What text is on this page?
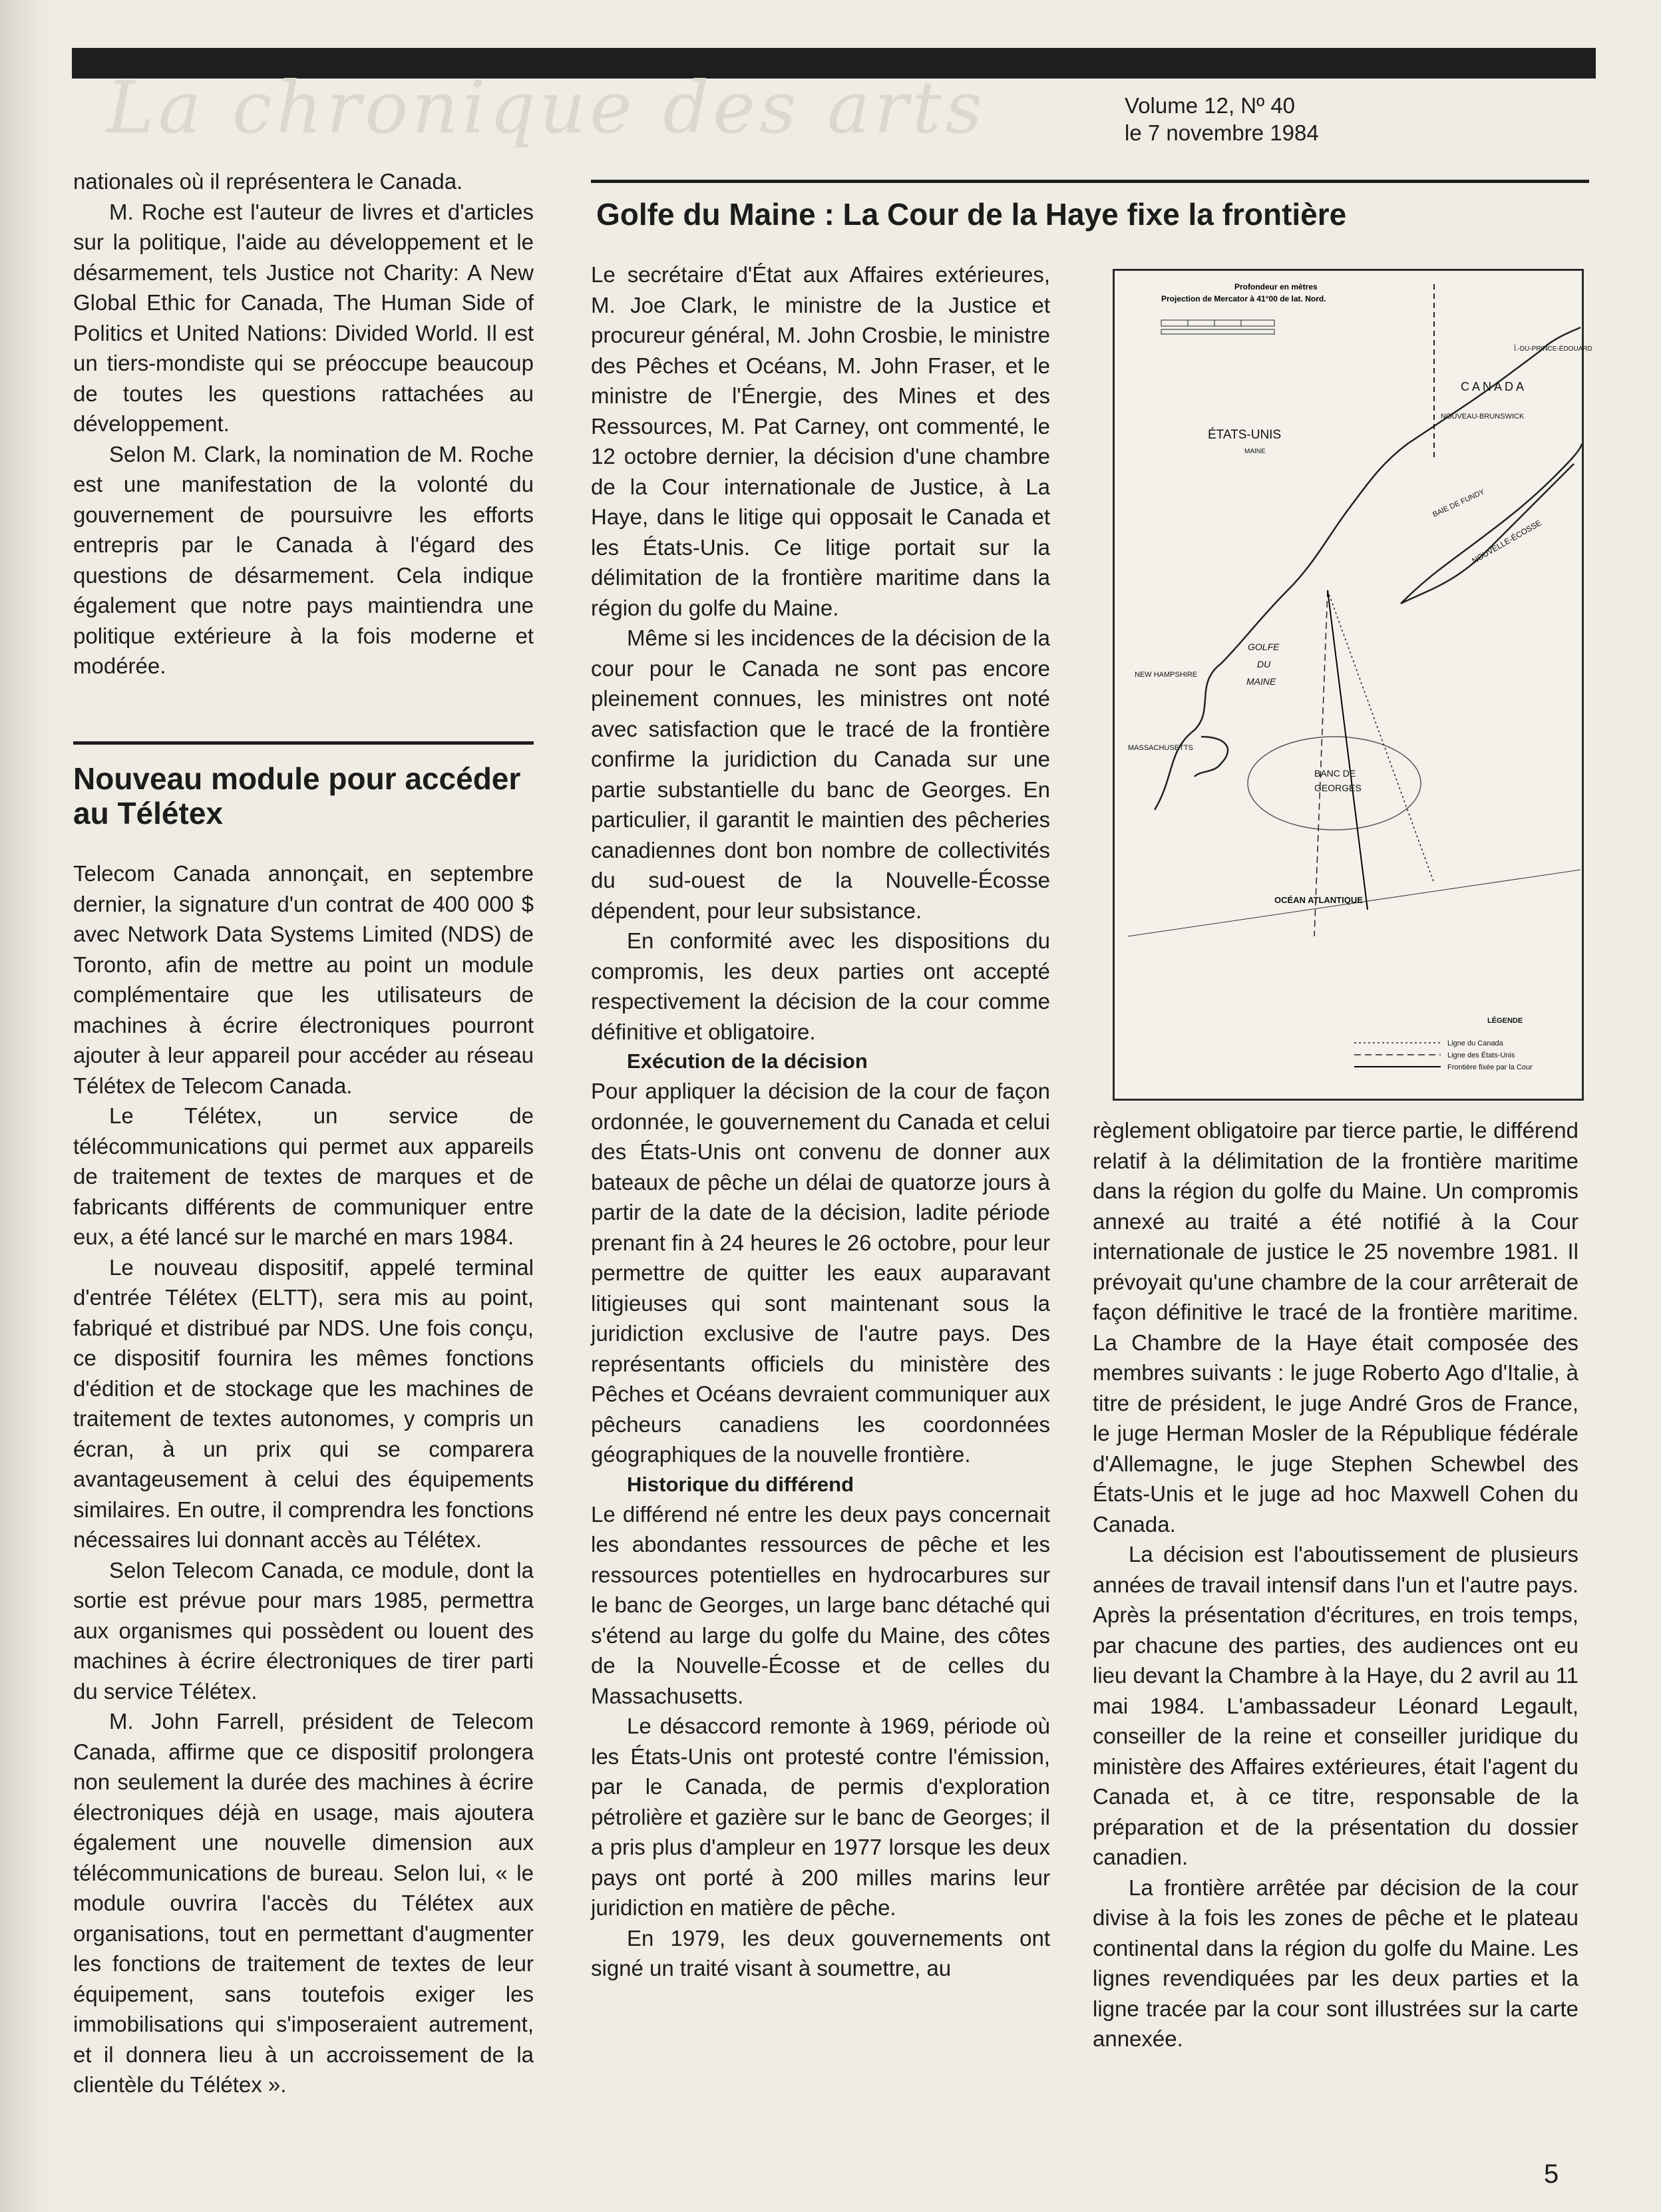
La chronique des arts	Volume 12, Nº 40
le 7 novembre 1984

nationales où il représentera le Canada.

M. Roche est l'auteur de livres et d'articles sur la politique, l'aide au développement et le désarmement, tels Justice not Charity: A New Global Ethic for Canada, The Human Side of Politics et United Nations: Divided World. Il est un tiers-mondiste qui se préoccupe beaucoup de toutes les questions rattachées au développement.

Selon M. Clark, la nomination de M. Roche est une manifestation de la volonté du gouvernement de poursuivre les efforts entrepris par le Canada à l'égard des questions de désarmement. Cela indique également que notre pays maintiendra une politique extérieure à la fois moderne et modérée.

Nouveau module pour accéder au Télétex

Telecom Canada annonçait, en septembre dernier, la signature d'un contrat de 400 000 $ avec Network Data Systems Limited (NDS) de Toronto, afin de mettre au point un module complémentaire que les utilisateurs de machines à écrire électroniques pourront ajouter à leur appareil pour accéder au réseau Télétex de Telecom Canada.

Le Télétex, un service de télécommunications qui permet aux appareils de traitement de textes de marques et de fabricants différents de communiquer entre eux, a été lancé sur le marché en mars 1984.

Le nouveau dispositif, appelé terminal d'entrée Télétex (ELTT), sera mis au point, fabriqué et distribué par NDS. Une fois conçu, ce dispositif fournira les mêmes fonctions d'édition et de stockage que les machines de traitement de textes autonomes, y compris un écran, à un prix qui se comparera avantageusement à celui des équipements similaires. En outre, il comprendra les fonctions nécessaires lui donnant accès au Télétex.

Selon Telecom Canada, ce module, dont la sortie est prévue pour mars 1985, permettra aux organismes qui possèdent ou louent des machines à écrire électroniques de tirer parti du service Télétex.

M. John Farrell, président de Telecom Canada, affirme que ce dispositif prolongera non seulement la durée des machines à écrire électroniques déjà en usage, mais ajoutera également une nouvelle dimension aux télécommunications de bureau. Selon lui, « le module ouvrira l'accès du Télétex aux organisations, tout en permettant d'augmenter les fonctions de traitement de textes de leur équipement, sans toutefois exiger les immobilisations qui s'imposeraient autrement, et il donnera lieu à un accroissement de la clientèle du Télétex ».

Golfe du Maine : La Cour de la Haye fixe la frontière

Le secrétaire d'État aux Affaires extérieures, M. Joe Clark, le ministre de la Justice et procureur général, M. John Crosbie, le ministre des Pêches et Océans, M. John Fraser, et le ministre de l'Énergie, des Mines et des Ressources, M. Pat Carney, ont commenté, le 12 octobre dernier, la décision d'une chambre de la Cour internationale de Justice, à La Haye, dans le litige qui opposait le Canada et les États-Unis. Ce litige portait sur la délimitation de la frontière maritime dans la région du golfe du Maine.

Même si les incidences de la décision de la cour pour le Canada ne sont pas encore pleinement connues, les ministres ont noté avec satisfaction que le tracé de la frontière confirme la juridiction du Canada sur une partie substantielle du banc de Georges. En particulier, il garantit le maintien des pêcheries canadiennes dont bon nombre de collectivités du sud-ouest de la Nouvelle-Écosse dépendent, pour leur subsistance.

En conformité avec les dispositions du compromis, les deux parties ont accepté respectivement la décision de la cour comme définitive et obligatoire.

Exécution de la décision

Pour appliquer la décision de la cour de façon ordonnée, le gouvernement du Canada et celui des États-Unis ont convenu de donner aux bateaux de pêche un délai de quatorze jours à partir de la date de la décision, ladite période prenant fin à 24 heures le 26 octobre, pour leur permettre de quitter les eaux auparavant litigieuses qui sont maintenant sous la juridiction exclusive de l'autre pays. Des représentants officiels du ministère des Pêches et Océans devraient communiquer aux pêcheurs canadiens les coordonnées géographiques de la nouvelle frontière.

Historique du différend

Le différend né entre les deux pays concernait les abondantes ressources de pêche et les ressources potentielles en hydrocarbures sur le banc de Georges, un large banc détaché qui s'étend au large du golfe du Maine, des côtes de la Nouvelle-Écosse et de celles du Massachusetts.

Le désaccord remonte à 1969, période où les États-Unis ont protesté contre l'émission, par le Canada, de permis d'exploration pétrolière et gazière sur le banc de Georges; il a pris plus d'ampleur en 1977 lorsque les deux pays ont porté à 200 milles marins leur juridiction en matière de pêche.

En 1979, les deux gouvernements ont signé un traité visant à soumettre, au

Profondeur en mètres
Projection de Mercator à 41°00 de lat. Nord.
CANADA
NOUVEAU-BRUNSWICK
Î.-DU-PRINCE-ÉDOUARD
ÉTATS-UNIS
MAINE
NEW HAMPSHIRE
MASSACHUSETTS
GOLFE
DU
MAINE
BAIE DE FUNDY
NOUVELLE-ÉCOSSE
BANC DE
GEORGES
OCÉAN ATLANTIQUE
LÉGENDE
Ligne du Canada
Ligne des États-Unis
Frontière fixée par la Cour

règlement obligatoire par tierce partie, le différend relatif à la délimitation de la frontière maritime dans la région du golfe du Maine. Un compromis annexé au traité a été notifié à la Cour internationale de justice le 25 novembre 1981. Il prévoyait qu'une chambre de la cour arrêterait de façon définitive le tracé de la frontière maritime. La Chambre de la Haye était composée des membres suivants : le juge Roberto Ago d'Italie, à titre de président, le juge André Gros de France, le juge Herman Mosler de la République fédérale d'Allemagne, le juge Stephen Schewbel des États-Unis et le juge ad hoc Maxwell Cohen du Canada.

La décision est l'aboutissement de plusieurs années de travail intensif dans l'un et l'autre pays. Après la présentation d'écritures, en trois temps, par chacune des parties, des audiences ont eu lieu devant la Chambre à la Haye, du 2 avril au 11 mai 1984. L'ambassadeur Léonard Legault, conseiller de la reine et conseiller juridique du ministère des Affaires extérieures, était l'agent du Canada et, à ce titre, responsable de la préparation et de la présentation du dossier canadien.

La frontière arrêtée par décision de la cour divise à la fois les zones de pêche et le plateau continental dans la région du golfe du Maine. Les lignes revendiquées par les deux parties et la ligne tracée par la cour sont illustrées sur la carte annexée.

5
